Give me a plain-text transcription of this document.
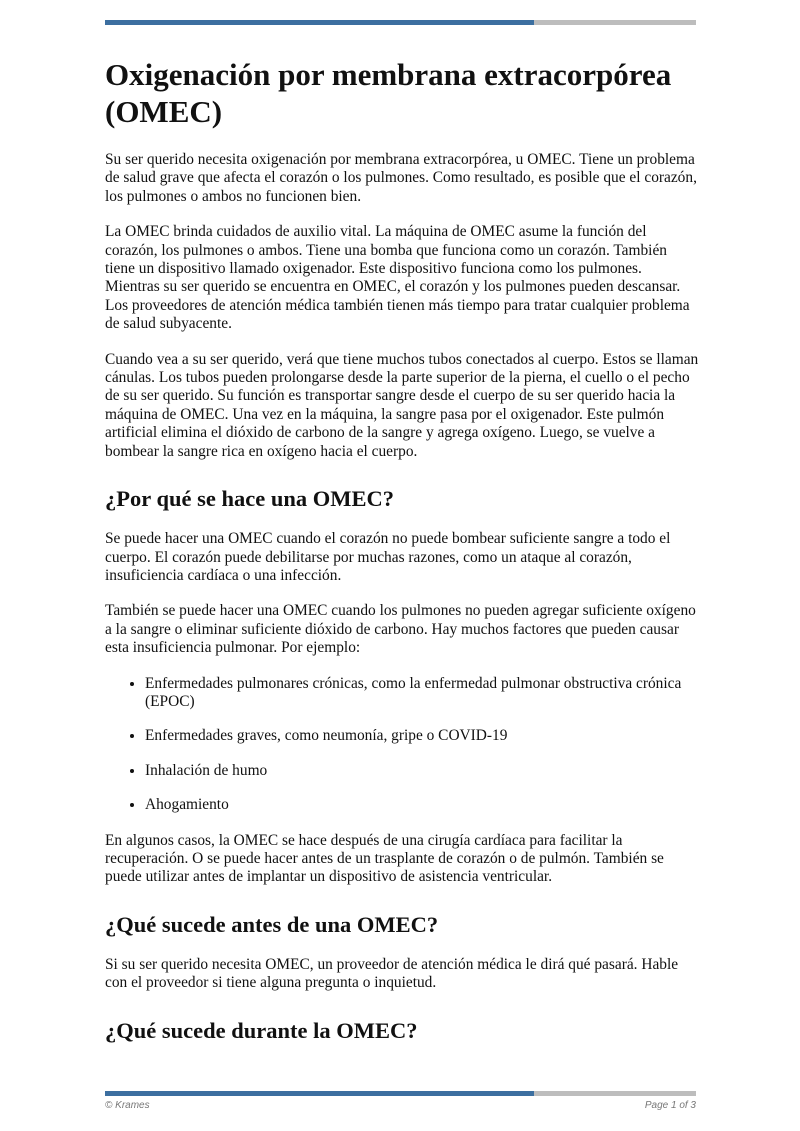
Oxigenación por membrana extracorpórea (OMEC)

Su ser querido necesita oxigenación por membrana extracorpórea, u OMEC. Tiene un problema de salud grave que afecta el corazón o los pulmones. Como resultado, es posible que el corazón, los pulmones o ambos no funcionen bien.

La OMEC brinda cuidados de auxilio vital. La máquina de OMEC asume la función del corazón, los pulmones o ambos. Tiene una bomba que funciona como un corazón. También tiene un dispositivo llamado oxigenador. Este dispositivo funciona como los pulmones. Mientras su ser querido se encuentra en OMEC, el corazón y los pulmones pueden descansar. Los proveedores de atención médica también tienen más tiempo para tratar cualquier problema de salud subyacente.

Cuando vea a su ser querido, verá que tiene muchos tubos conectados al cuerpo. Estos se llaman cánulas. Los tubos pueden prolongarse desde la parte superior de la pierna, el cuello o el pecho de su ser querido. Su función es transportar sangre desde el cuerpo de su ser querido hacia la máquina de OMEC. Una vez en la máquina, la sangre pasa por el oxigenador. Este pulmón artificial elimina el dióxido de carbono de la sangre y agrega oxígeno. Luego, se vuelve a bombear la sangre rica en oxígeno hacia el cuerpo.

¿Por qué se hace una OMEC?

Se puede hacer una OMEC cuando el corazón no puede bombear suficiente sangre a todo el cuerpo. El corazón puede debilitarse por muchas razones, como un ataque al corazón, insuficiencia cardíaca o una infección.

También se puede hacer una OMEC cuando los pulmones no pueden agregar suficiente oxígeno a la sangre o eliminar suficiente dióxido de carbono. Hay muchos factores que pueden causar esta insuficiencia pulmonar. Por ejemplo:

• Enfermedades pulmonares crónicas, como la enfermedad pulmonar obstructiva crónica (EPOC)
• Enfermedades graves, como neumonía, gripe o COVID-19
• Inhalación de humo
• Ahogamiento

En algunos casos, la OMEC se hace después de una cirugía cardíaca para facilitar la recuperación. O se puede hacer antes de un trasplante de corazón o de pulmón. También se puede utilizar antes de implantar un dispositivo de asistencia ventricular.

¿Qué sucede antes de una OMEC?

Si su ser querido necesita OMEC, un proveedor de atención médica le dirá qué pasará. Hable con el proveedor si tiene alguna pregunta o inquietud.

¿Qué sucede durante la OMEC?
© Krames	Page 1 of 3
